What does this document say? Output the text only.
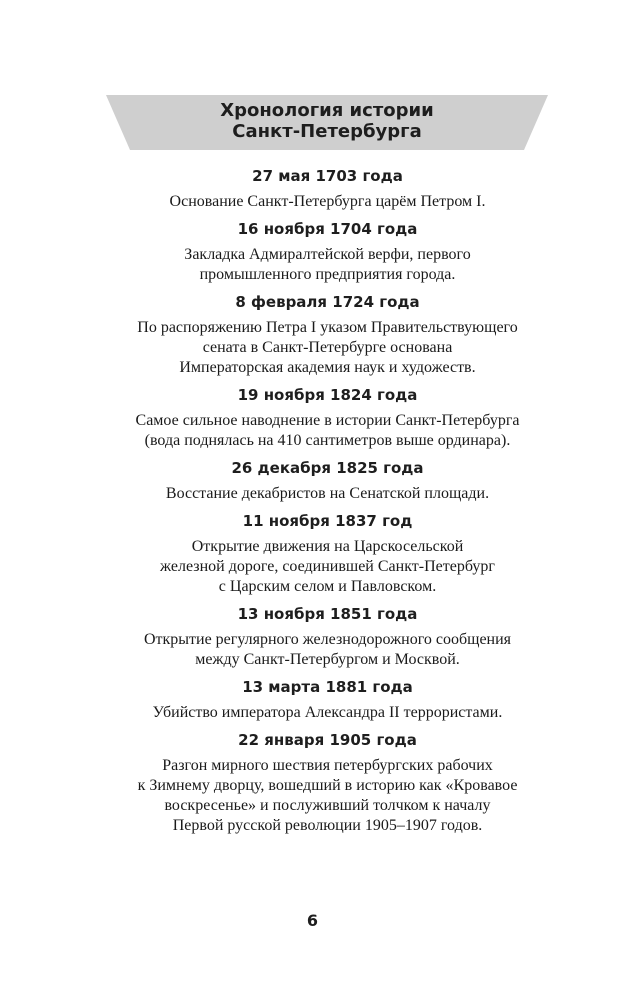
Хронология истории
Санкт-Петербурга
27 мая 1703 года
Основание Санкт-Петербурга царём Петром I.
16 ноября 1704 года
Закладка Адмиралтейской верфи, первого
промышленного предприятия города.
8 февраля 1724 года
По распоряжению Петра I указом Правительствующего
сената в Санкт-Петербурге основана
Императорская академия наук и художеств.
19 ноября 1824 года
Самое сильное наводнение в истории Санкт-Петербурга
(вода поднялась на 410 сантиметров выше ординара).
26 декабря 1825 года
Восстание декабристов на Сенатской площади.
11 ноября 1837 год
Открытие движения на Царскосельской
железной дороге, соединившей Санкт-Петербург
с Царским селом и Павловском.
13 ноября 1851 года
Открытие регулярного железнодорожного сообщения
между Санкт-Петербургом и Москвой.
13 марта 1881 года
Убийство императора Александра II террористами.
22 января 1905 года
Разгон мирного шествия петербургских рабочих
к Зимнему дворцу, вошедший в историю как «Кровавое
воскресенье» и послуживший толчком к началу
Первой русской революции 1905–1907 годов.
6
